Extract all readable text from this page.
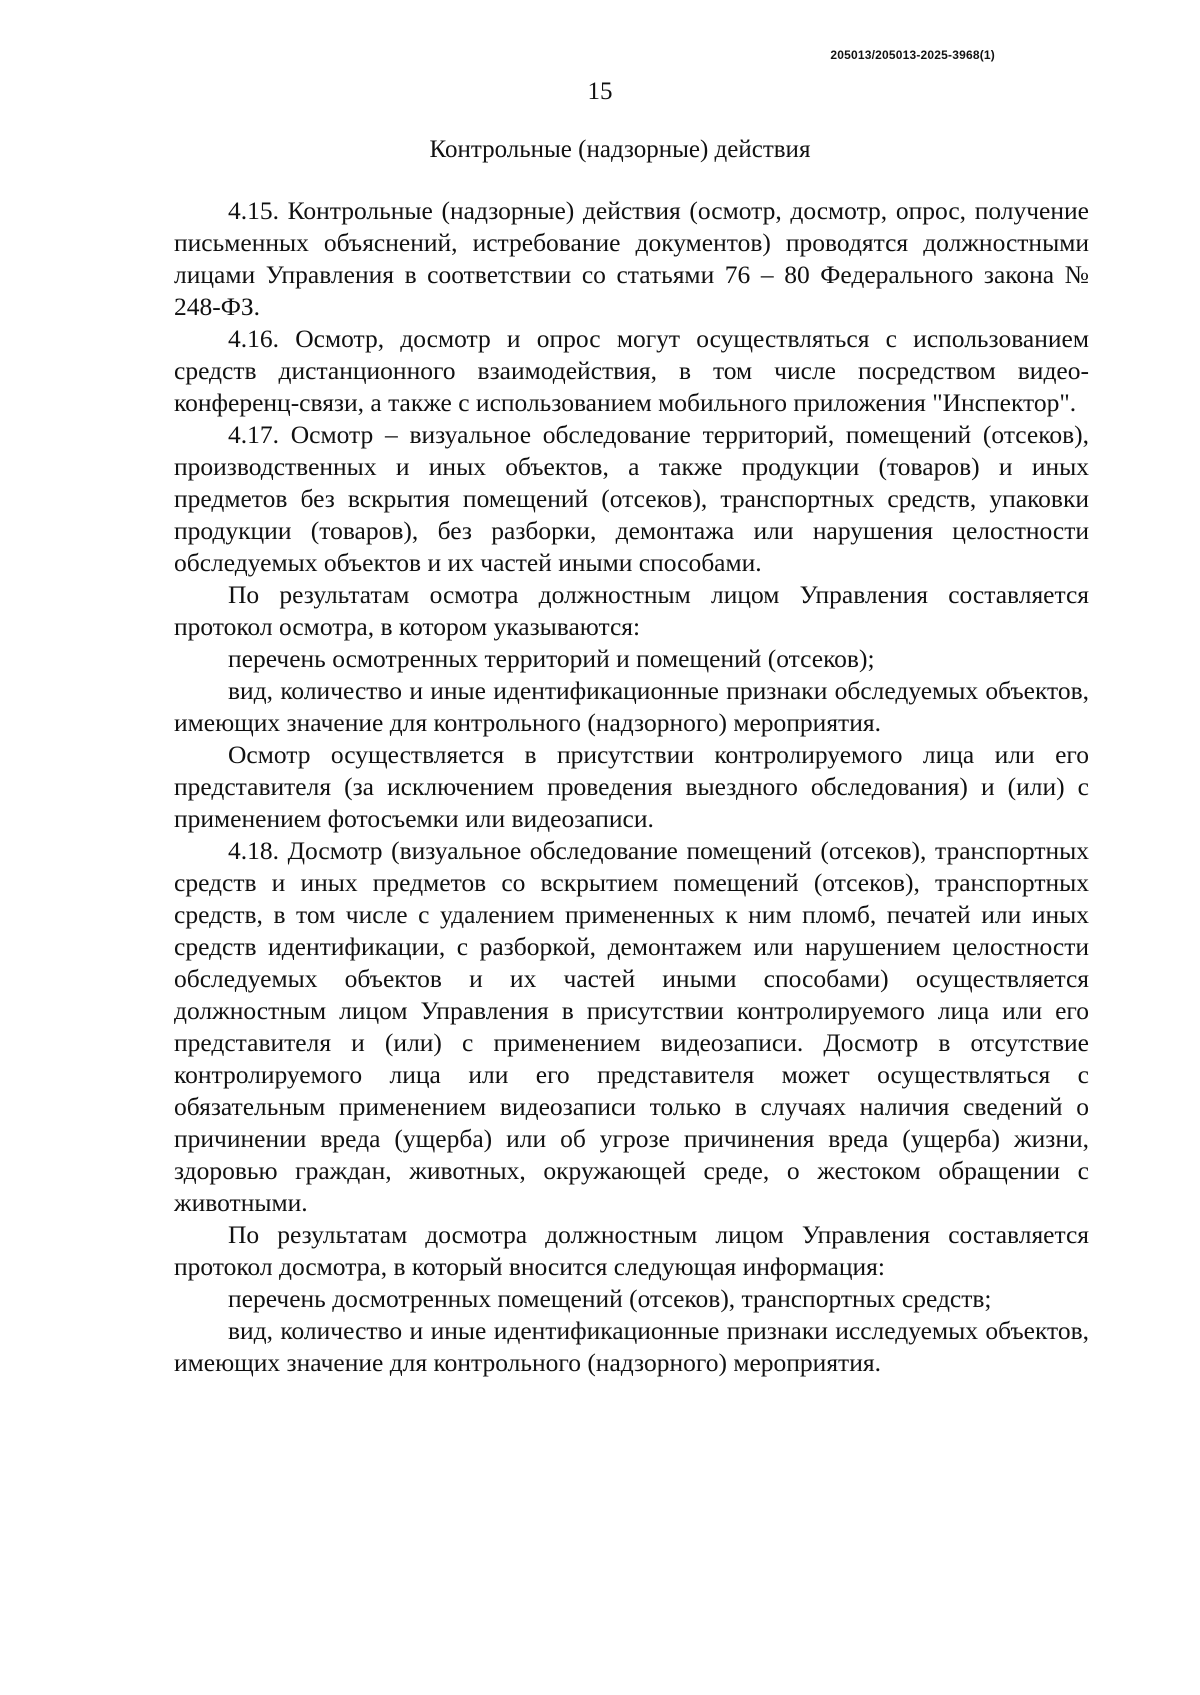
205013/205013-2025-3968(1)
15
Контрольные (надзорные) действия

4.15. Контрольные (надзорные) действия (осмотр, досмотр, опрос, получение письменных объяснений, истребование документов) проводятся должностными лицами Управления в соответствии со статьями 76 – 80 Федерального закона № 248-ФЗ.

4.16. Осмотр, досмотр и опрос могут осуществляться с использованием средств дистанционного взаимодействия, в том числе посредством видео-конференц-связи, а также с использованием мобильного приложения "Инспектор".

4.17. Осмотр – визуальное обследование территорий, помещений (отсеков), производственных и иных объектов, а также продукции (товаров) и иных предметов без вскрытия помещений (отсеков), транспортных средств, упаковки продукции (товаров), без разборки, демонтажа или нарушения целостности обследуемых объектов и их частей иными способами.

По результатам осмотра должностным лицом Управления составляется протокол осмотра, в котором указываются:

перечень осмотренных территорий и помещений (отсеков);

вид, количество и иные идентификационные признаки обследуемых объектов, имеющих значение для контрольного (надзорного) мероприятия.

Осмотр осуществляется в присутствии контролируемого лица или его представителя (за исключением проведения выездного обследования) и (или) с применением фотосъемки или видеозаписи.

4.18. Досмотр (визуальное обследование помещений (отсеков), транспортных средств и иных предметов со вскрытием помещений (отсеков), транспортных средств, в том числе с удалением примененных к ним пломб, печатей или иных средств идентификации, с разборкой, демонтажем или нарушением целостности обследуемых объектов и их частей иными способами) осуществляется должностным лицом Управления в присутствии контролируемого лица или его представителя и (или) с применением видеозаписи. Досмотр в отсутствие контролируемого лица или его представителя может осуществляться с обязательным применением видеозаписи только в случаях наличия сведений о причинении вреда (ущерба) или об угрозе причинения вреда (ущерба) жизни, здоровью граждан, животных, окружающей среде, о жестоком обращении с животными.

По результатам досмотра должностным лицом Управления составляется протокол досмотра, в который вносится следующая информация:

перечень досмотренных помещений (отсеков), транспортных средств;

вид, количество и иные идентификационные признаки исследуемых объектов, имеющих значение для контрольного (надзорного) мероприятия.
